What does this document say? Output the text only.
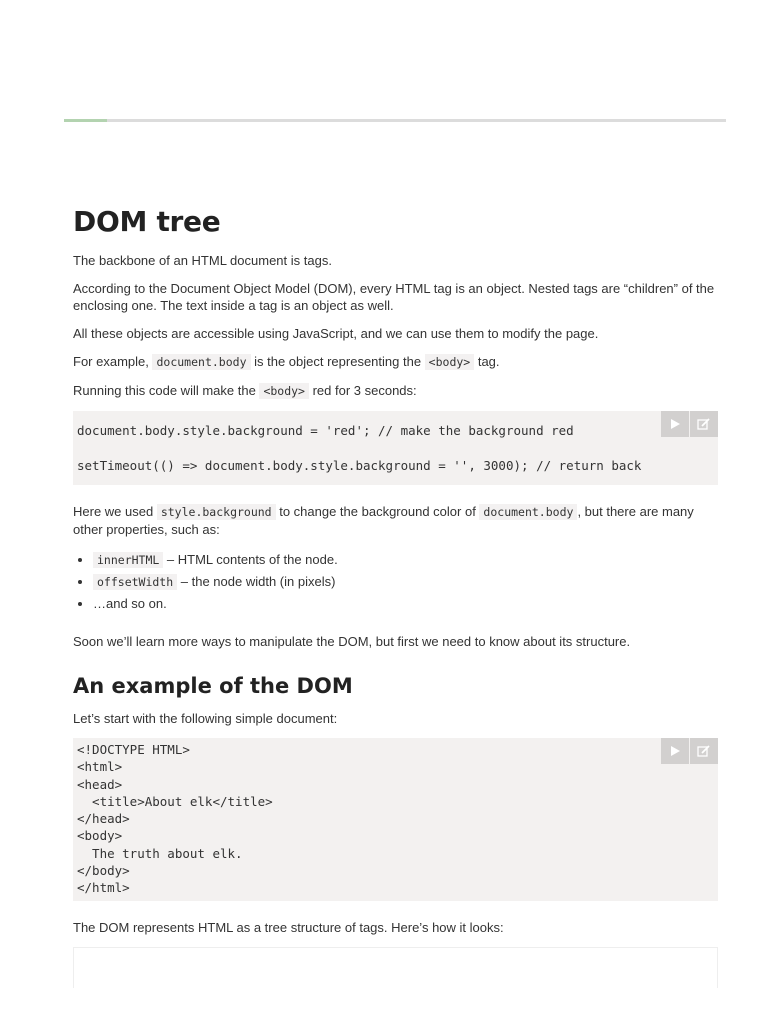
DOM tree

The backbone of an HTML document is tags.

According to the Document Object Model (DOM), every HTML tag is an object. Nested tags are “children” of the enclosing one. The text inside a tag is an object as well.

All these objects are accessible using JavaScript, and we can use them to modify the page.

For example, document.body is the object representing the <body> tag.

Running this code will make the <body> red for 3 seconds:

document.body.style.background = 'red'; // make the background red
setTimeout(() => document.body.style.background = '', 3000); // return back

Here we used style.background to change the background color of document.body , but there are many other properties, such as:

• innerHTML – HTML contents of the node.
• offsetWidth – the node width (in pixels)
• …and so on.

Soon we’ll learn more ways to manipulate the DOM, but first we need to know about its structure.

An example of the DOM

Let’s start with the following simple document:

<!DOCTYPE HTML>
<html>
<head>
<title>About elk</title>
</head>
<body>
The truth about elk.
</body>
</html>

The DOM represents HTML as a tree structure of tags. Here’s how it looks:
